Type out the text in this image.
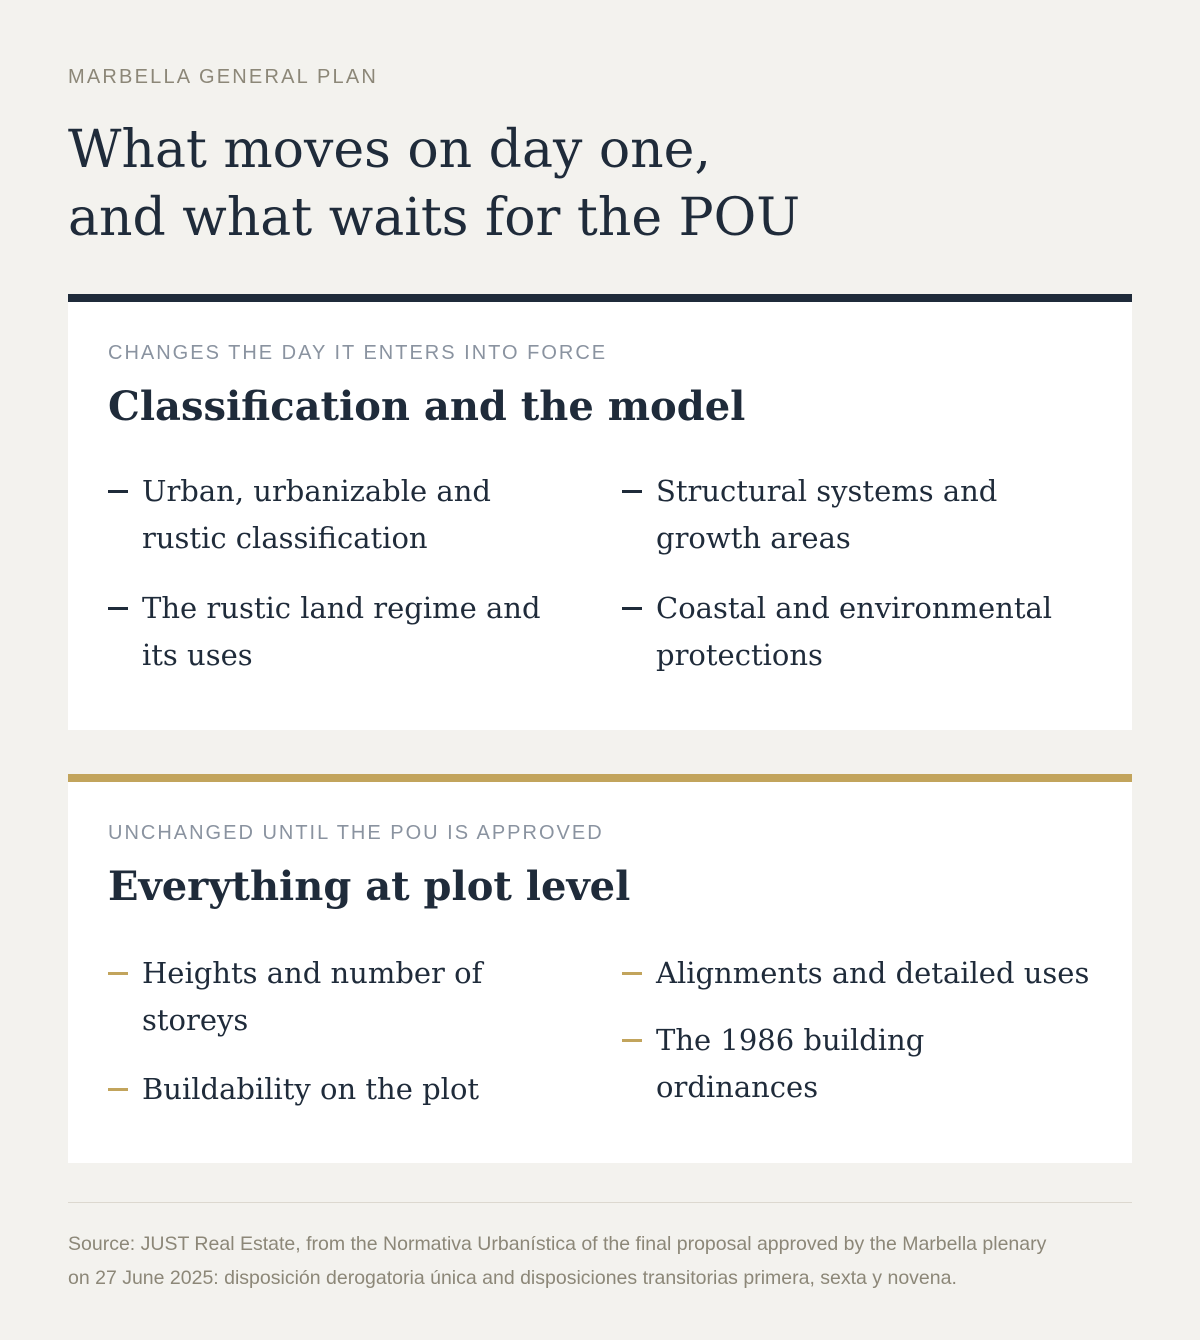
MARBELLA GENERAL PLAN
What moves on day one,
and what waits for the POU
CHANGES THE DAY IT ENTERS INTO FORCE
Classification and the model
Urban, urbanizable and rustic classification
Structural systems and growth areas
The rustic land regime and its uses
Coastal and environmental protections
UNCHANGED UNTIL THE POU IS APPROVED
Everything at plot level
Heights and number of storeys
Alignments and detailed uses
Buildability on the plot
The 1986 building ordinances

Source: JUST Real Estate, from the Normativa Urbanística of the final proposal approved by the Marbella plenary
on 27 June 2025: disposición derogatoria única and disposiciones transitorias primera, sexta y novena.
